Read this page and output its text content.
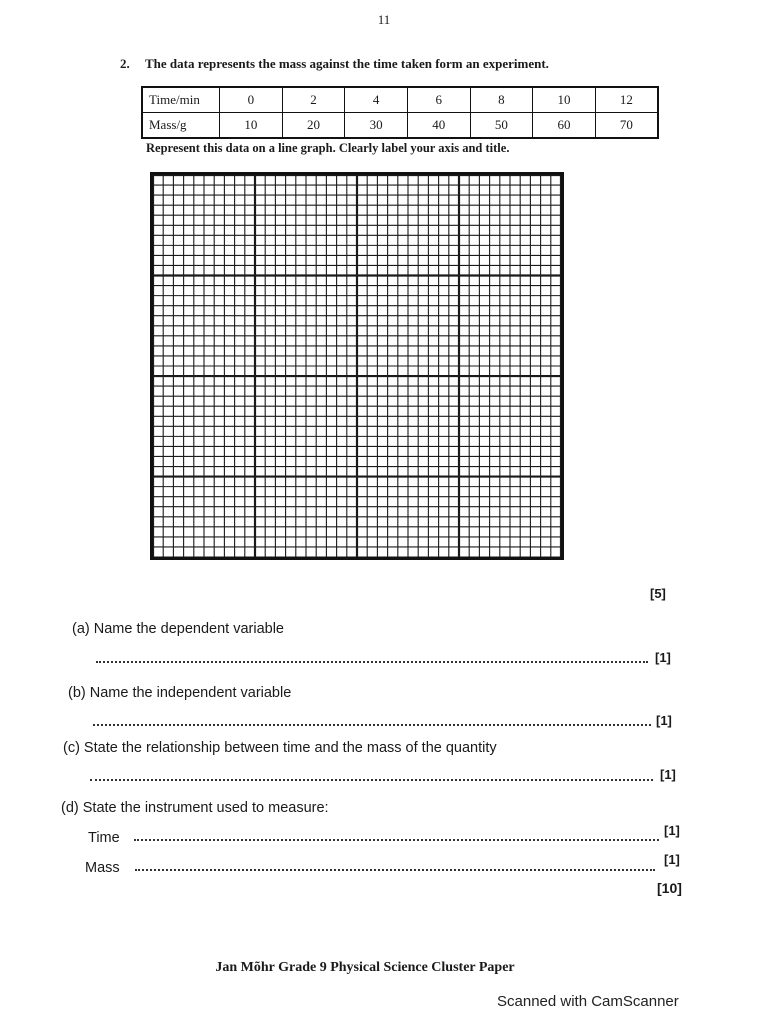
11
2. The data represents the mass against the time taken form an experiment.
Time/min	0	2	4	6	8	10	12
Mass/g	10	20	30	40	50	60	70
Represent this data on a line graph. Clearly label your axis and title.
[5]
(a) Name the dependent variable
[1]
(b) Name the independent variable
[1]
(c) State the relationship between time and the mass of the quantity
[1]
(d) State the instrument used to measure:
Time	[1]
Mass
[1]
[10]
Jan Mõhr Grade 9 Physical Science Cluster Paper
Scanned with CamScanner
